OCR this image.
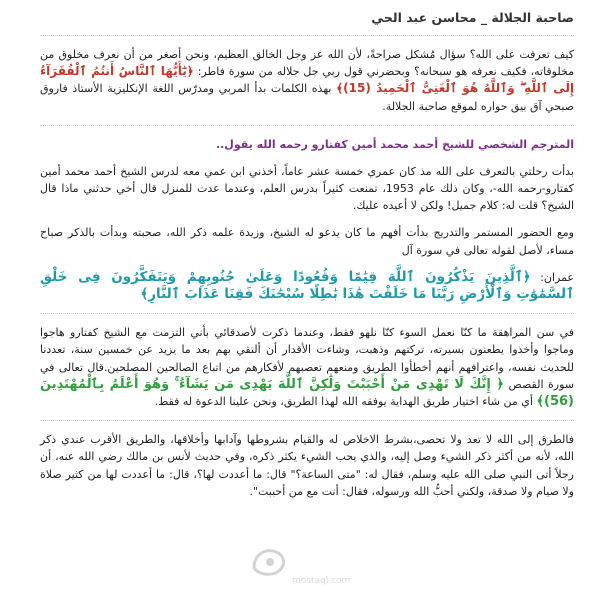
صاحبة الجلالة _ محاسن عبد الحي

كيف تعرفت على الله؟ سؤال مُشكل صراحةً، لأن الله عز وجل الخالق العظيم، ونحن أصغر من أن نعرف مخلوق من مخلوقاته، فكيف نعرفه هو سبحانه؟ وبحضرني قول ربي جل جلاله من سورة فاطر: ﴿يَٰٓأَيُّهَا ٱلنَّاسُ أَنتُمُ ٱلْفُقَرَآءُ إِلَى ٱللَّهِ ۖ وَٱللَّهُ هُوَ ٱلْغَنِىُّ ٱلْحَمِيدُ (15)﴾ بهذه الكلمات بدأ المربي ومدرّس اللغة الإنكليزية الأستاذ فاروق صبحي آق بيق حواره لموقع صاحبة الجلالة.

المترجم الشخصي للشيخ أحمد محمد أمين كفتارو رحمه الله يقول..

بدأت رحلتي بالتعرف على الله مذ كان عمري خمسة عشر عاماً، أخذني ابن عمي معه لدرس الشيخ أحمد محمد أمين كفتارو-رحمه الله-، وكان ذلك عام 1953، تمنعت كثيراً بدرس العلم، وعندما عدت للمنزل قال أخي حدثني ماذا قال الشيخ؟ قلت له: كلام جميل! ولكن لا أعيده عليك.

ومع الحضور المستمر والتدريج بدأت أفهم ما كان يدعو له الشيخ، وزيدة علمه ذكر الله، صحبته وبدأت بالذكر صباح مساء، لأصل لقوله تعالى في سورة آل

عمران: ﴿ٱلَّذِينَ يَذْكُرُونَ ٱللَّهَ قِيَٰمًا وَقُعُودًا وَعَلَىٰ جُنُوبِهِمْ وَيَتَفَكَّرُونَ فِى خَلْقِ ٱلسَّمَٰوَٰتِ وَٱلْأَرْضِ رَبَّنَا مَا خَلَقْتَ هَٰذَا بَٰطِلًا سُبْحَٰنَكَ فَقِنَا عَذَابَ ٱلنَّارِ﴾

في سن المراهقة ما كنّا نعمل السوء كنّا نلهو فقط، وعندما ذكرت لأصدقائي بأني التزمت مع الشيخ كفتارو هاجوا وماجوا وأخذوا يطعنون بسيرته، تركتهم وذهبت، وشاءت الأقدار أن ألتقي بهم بعد ما يزيد عن خمسين سنة، تعددنا للحديث نفسه، واعترافهم أنهم أخطأوا الطريق ومنعهم تعصبهم لأفكارهم من اتباع الصالحين المصلحين.قال تعالى في سورة القصص ﴿ إِنَّكَ لَا تَهْدِى مَنْ أَحْبَبْتَ وَلَٰكِنَّ ٱللَّهَ يَهْدِى مَن يَشَآءُ ۚ وَهُوَ أَعْلَمُ بِٱلْمُهْتَدِينَ (56)﴾ أي من شاء اختيار طريق الهداية يوفقه الله لهذا الطريق، ونحن علينا الدعوة له فقط.

فالطرق إلى الله لا تعد ولا تحصى،بشرط الاخلاص له والقيام بشروطها وآدابها وأخلاقها، والطريق الأقرب عندي ذكر الله، لأنه من أكثر ذكر الشيء وصل إليه، والذي يحب الشيء يكثر ذكره، وفي حديث لأنس بن مالك رضي الله عنه، أن رجلاً أتى النبي صلى الله عليه وسلم، فقال له: "متى الساعة؟" قال: ما أعددت لها؟، قال: ما أعددت لها من كثير صلاة ولا صيام ولا صدقة، ولكني أحبُّ الله ورسوله، فقال: أنت مع من أحببت".

mostaql.com
